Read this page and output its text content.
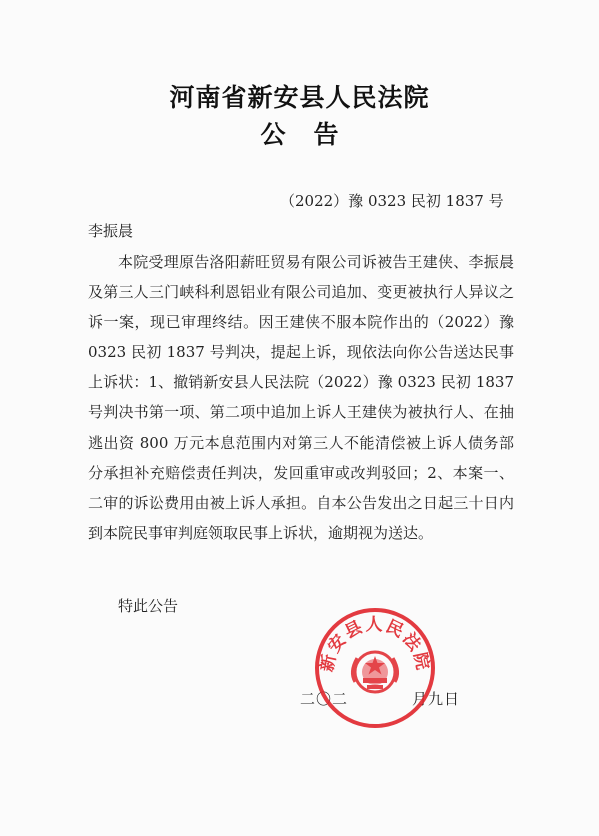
河南省新安县人民法院
公告
（2022）豫 0323 民初 1837 号
李振晨

本院受理原告洛阳薪旺贸易有限公司诉被告王建侠、李振晨及第三人三门峡科利恩铝业有限公司追加、变更被执行人异议之诉一案，现已审理终结。因王建侠不服本院作出的（2022）豫 0323 民初 1837 号判决，提起上诉，现依法向你公告送达民事上诉状：1、撤销新安县人民法院（2022）豫 0323 民初 1837 号判决书第一项、第二项中追加上诉人王建侠为被执行人、在抽逃出资 800 万元本息范围内对第三人不能清偿被上诉人债务部分承担补充赔偿责任判决，发回重审或改判驳回；2、本案一、二审的诉讼费用由被上诉人承担。自本公告发出之日起三十日内到本院民事审判庭领取民事上诉状，逾期视为送达。

特此公告
二〇二　　　　月九日
新安县人民法院
